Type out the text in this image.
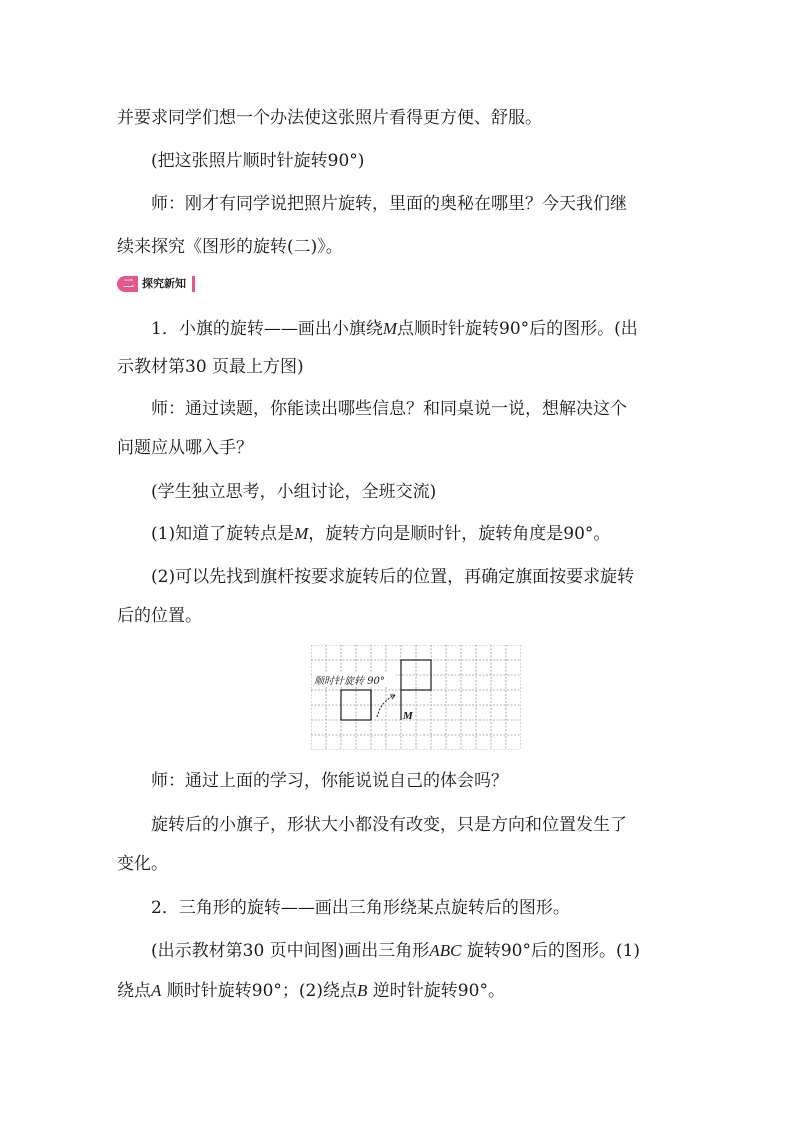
并要求同学们想一个办法使这张照片看得更方便、舒服。
(把这张照片顺时针旋转90°)
师：刚才有同学说把照片旋转，里面的奥秘在哪里？今天我们继
续来探究《图形的旋转(二)》。
二 探究新知
1．小旗的旋转——画出小旗绕M点顺时针旋转90°后的图形。(出
示教材第30 页最上方图)
师：通过读题，你能读出哪些信息？和同桌说一说，想解决这个
问题应从哪入手？
(学生独立思考，小组讨论，全班交流)
(1)知道了旋转点是M，旋转方向是顺时针，旋转角度是90°。
(2)可以先找到旗杆按要求旋转后的位置，再确定旗面按要求旋转
后的位置。
顺时针旋转 90°
M
师：通过上面的学习，你能说说自己的体会吗？
旋转后的小旗子，形状大小都没有改变，只是方向和位置发生了
变化。
2．三角形的旋转——画出三角形绕某点旋转后的图形。
(出示教材第30 页中间图)画出三角形ABC 旋转90°后的图形。(1)
绕点A 顺时针旋转90°；(2)绕点B 逆时针旋转90°。
